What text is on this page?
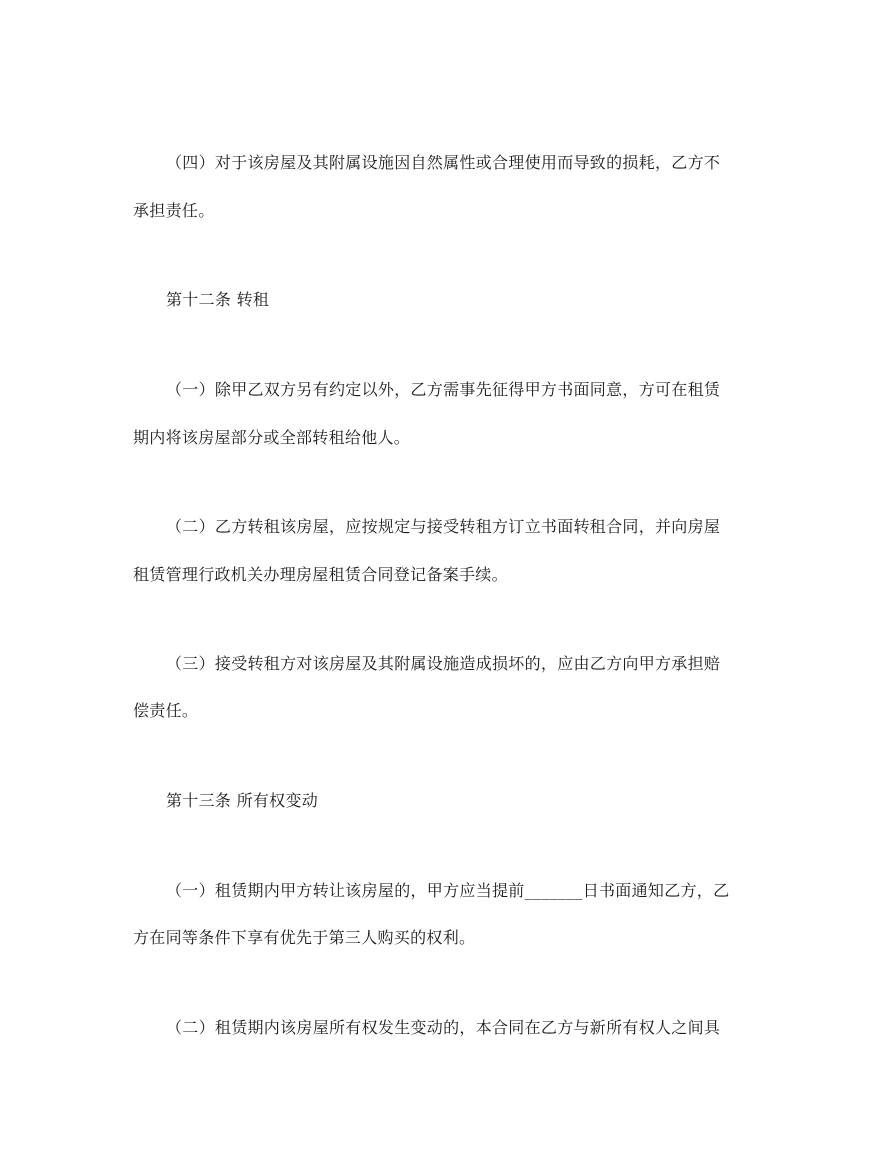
（四）对于该房屋及其附属设施因自然属性或合理使用而导致的损耗，乙方不
承担责任。
第十二条 转租
（一）除甲乙双方另有约定以外，乙方需事先征得甲方书面同意，方可在租赁
期内将该房屋部分或全部转租给他人。
（二）乙方转租该房屋，应按规定与接受转租方订立书面转租合同，并向房屋
租赁管理行政机关办理房屋租赁合同登记备案手续。
（三）接受转租方对该房屋及其附属设施造成损坏的，应由乙方向甲方承担赔
偿责任。
第十三条 所有权变动
（一）租赁期内甲方转让该房屋的，甲方应当提前_______日书面通知乙方，乙
方在同等条件下享有优先于第三人购买的权利。
（二）租赁期内该房屋所有权发生变动的，本合同在乙方与新所有权人之间具
